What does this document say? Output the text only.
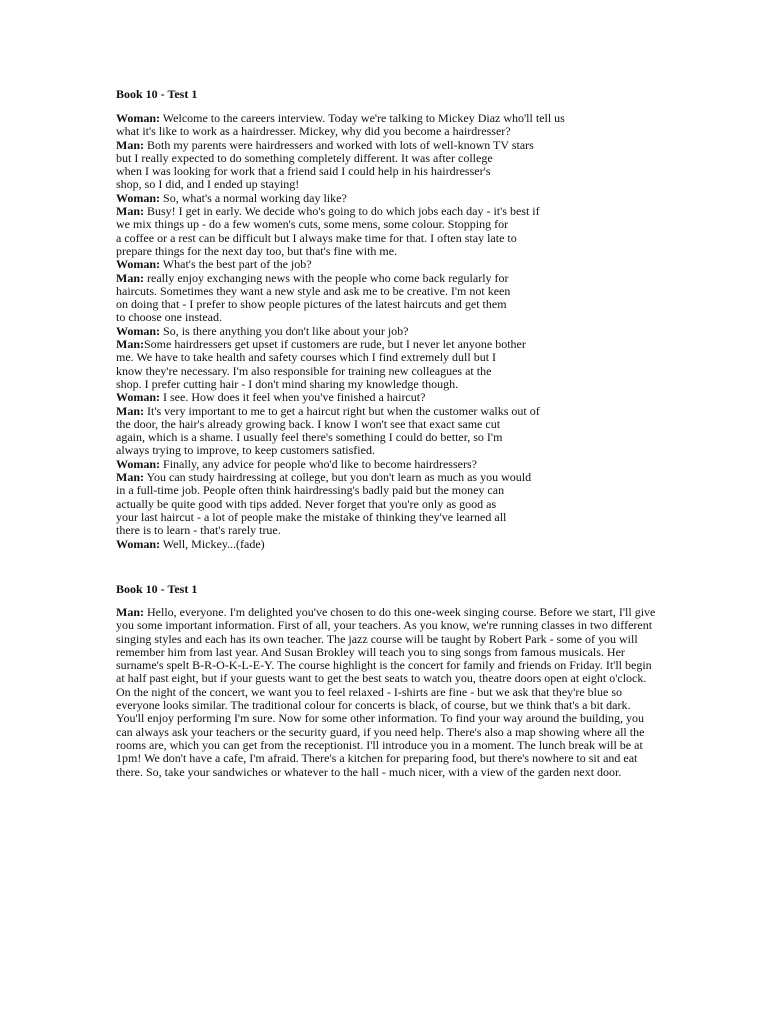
Book 10 - Test 1

Woman: Welcome to the careers interview. Today we're talking to Mickey Diaz who'll tell us
what it's like to work as a hairdresser. Mickey, why did you become a hairdresser?
Man: Both my parents were hairdressers and worked with lots of well-known TV stars
but I really expected to do something completely different. It was after college
when I was looking for work that a friend said I could help in his hairdresser's
shop, so I did, and I ended up staying!
Woman: So, what's a normal working day like?
Man: Busy! I get in early. We decide who's going to do which jobs each day - it's best if
we mix things up - do a few women's cuts, some mens, some colour. Stopping for
a coffee or a rest can be difficult but I always make time for that. I often stay late to
prepare things for the next day too, but that's fine with me.
Woman: What's the best part of the job?
Man: really enjoy exchanging news with the people who come back regularly for
haircuts. Sometimes they want a new style and ask me to be creative. I'm not keen
on doing that - I prefer to show people pictures of the latest haircuts and get them
to choose one instead.
Woman: So, is there anything you don't like about your job?
Man:Some hairdressers get upset if customers are rude, but I never let anyone bother
me. We have to take health and safety courses which I find extremely dull but I
know they're necessary. I'm also responsible for training new colleagues at the
shop. I prefer cutting hair - I don't mind sharing my knowledge though.
Woman: I see. How does it feel when you've finished a haircut?
Man: It's very important to me to get a haircut right but when the customer walks out of
the door, the hair's already growing back. I know I won't see that exact same cut
again, which is a shame. I usually feel there's something I could do better, so I'm
always trying to improve, to keep customers satisfied.
Woman: Finally, any advice for people who'd like to become hairdressers?
Man: You can study hairdressing at college, but you don't learn as much as you would
in a full-time job. People often think hairdressing's badly paid but the money can
actually be quite good with tips added. Never forget that you're only as good as
your last haircut - a lot of people make the mistake of thinking they've learned all
there is to learn - that's rarely true.
Woman: Well, Mickey...(fade)

Book 10 - Test 1

Man: Hello, everyone. I'm delighted you've chosen to do this one-week singing course. Before we start, I'll give you some important information. First of all, your teachers. As you know, we're running classes in two different singing styles and each has its own teacher. The jazz course will be taught by Robert Park - some of you will remember him from last year. And Susan Brokley will teach you to sing songs from famous musicals. Her surname's spelt B-R-O-K-L-E-Y. The course highlight is the concert for family and friends on Friday. It'll begin at half past eight, but if your guests want to get the best seats to watch you, theatre doors open at eight o'clock. On the night of the concert, we want you to feel relaxed - I-shirts are fine - but we ask that they're blue so everyone looks similar. The traditional colour for concerts is black, of course, but we think that's a bit dark. You'll enjoy performing I'm sure. Now for some other information. To find your way around the building, you can always ask your teachers or the security guard, if you need help. There's also a map showing where all the rooms are, which you can get from the receptionist. I'll introduce you in a moment. The lunch break will be at 1pm! We don't have a cafe, I'm afraid. There's a kitchen for preparing food, but there's nowhere to sit and eat there. So, take your sandwiches or whatever to the hall - much nicer, with a view of the garden next door.
